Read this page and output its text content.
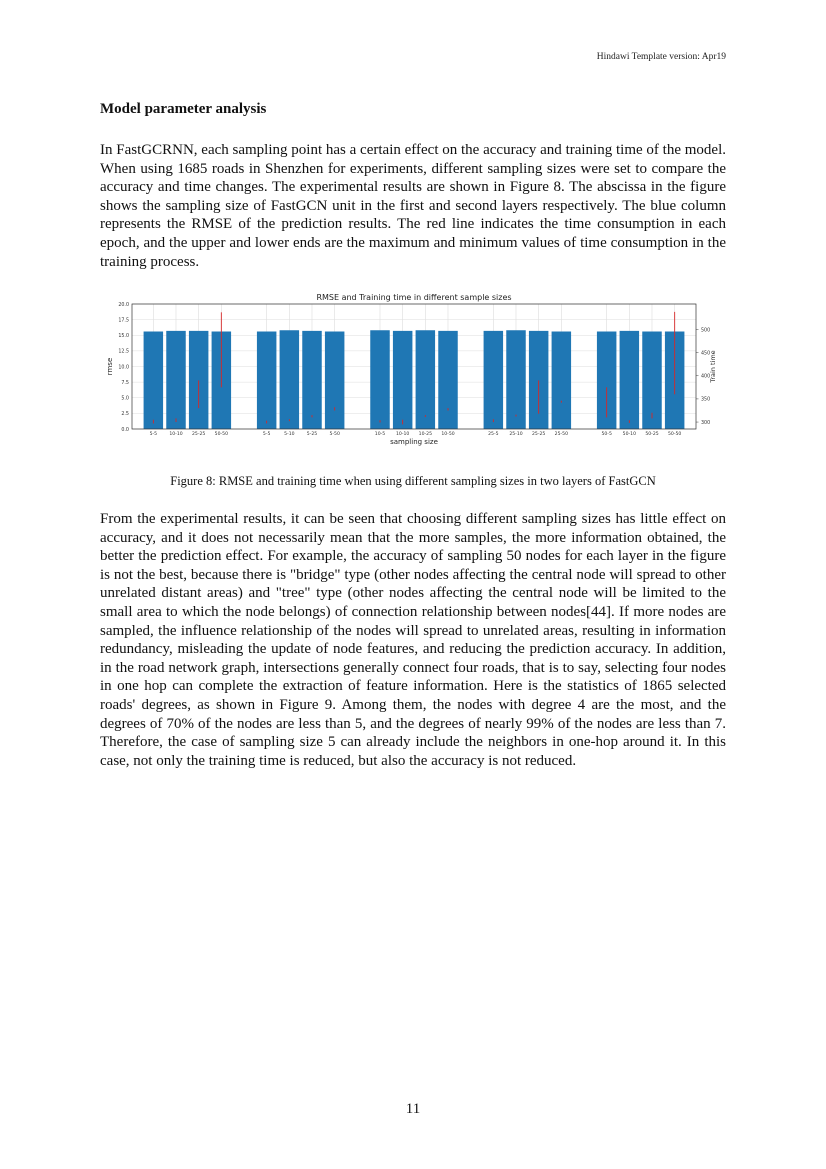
Hindawi Template version: Apr19
Model parameter analysis

In FastGCRNN, each sampling point has a certain effect on the accuracy and training time of the model. When using 1685 roads in Shenzhen for experiments, different sampling sizes were set to compare the accuracy and time changes. The experimental results are shown in Figure 8. The abscissa in the figure shows the sampling size of FastGCN unit in the first and second layers respectively. The blue column represents the RMSE of the prediction results. The red line indicates the time consumption in each epoch, and the upper and lower ends are the maximum and minimum values of time consumption in the training process.

RMSE and Training time in different sample sizes
0.0
2.5
5.0
7.5
10.0
12.5
15.0
17.5
20.0
300
350
400
450
500
5-5	10-10 25-25 50-50	5-5	5-10	5-25	5-50	10-5 10-10 10-25 10-50	25-5 25-10 25-25 25-50	50-5 50-10 50-25 50-50
sampling size
rmse	Train time
Figure 8: RMSE and training time when using different sampling sizes in two layers of FastGCN

From the experimental results, it can be seen that choosing different sampling sizes has little effect on accuracy, and it does not necessarily mean that the more samples, the more information obtained, the better the prediction effect. For example, the accuracy of sampling 50 nodes for each layer in the figure is not the best, because there is "bridge" type (other nodes affecting the central node will spread to other unrelated distant areas) and "tree" type (other nodes affecting the central node will be limited to the small area to which the node belongs) of connection relationship between nodes[44]. If more nodes are sampled, the influence relationship of the nodes will spread to unrelated areas, resulting in information redundancy, misleading the update of node features, and reducing the prediction accuracy. In addition, in the road network graph, intersections generally connect four roads, that is to say, selecting four nodes in one hop can complete the extraction of feature information. Here is the statistics of 1865 selected roads' degrees, as shown in Figure 9. Among them, the nodes with degree 4 are the most, and the degrees of 70% of the nodes are less than 5, and the degrees of nearly 99% of the nodes are less than 7. Therefore, the case of sampling size 5 can already include the neighbors in one-hop around it. In this case, not only the training time is reduced, but also the accuracy is not reduced.

11
